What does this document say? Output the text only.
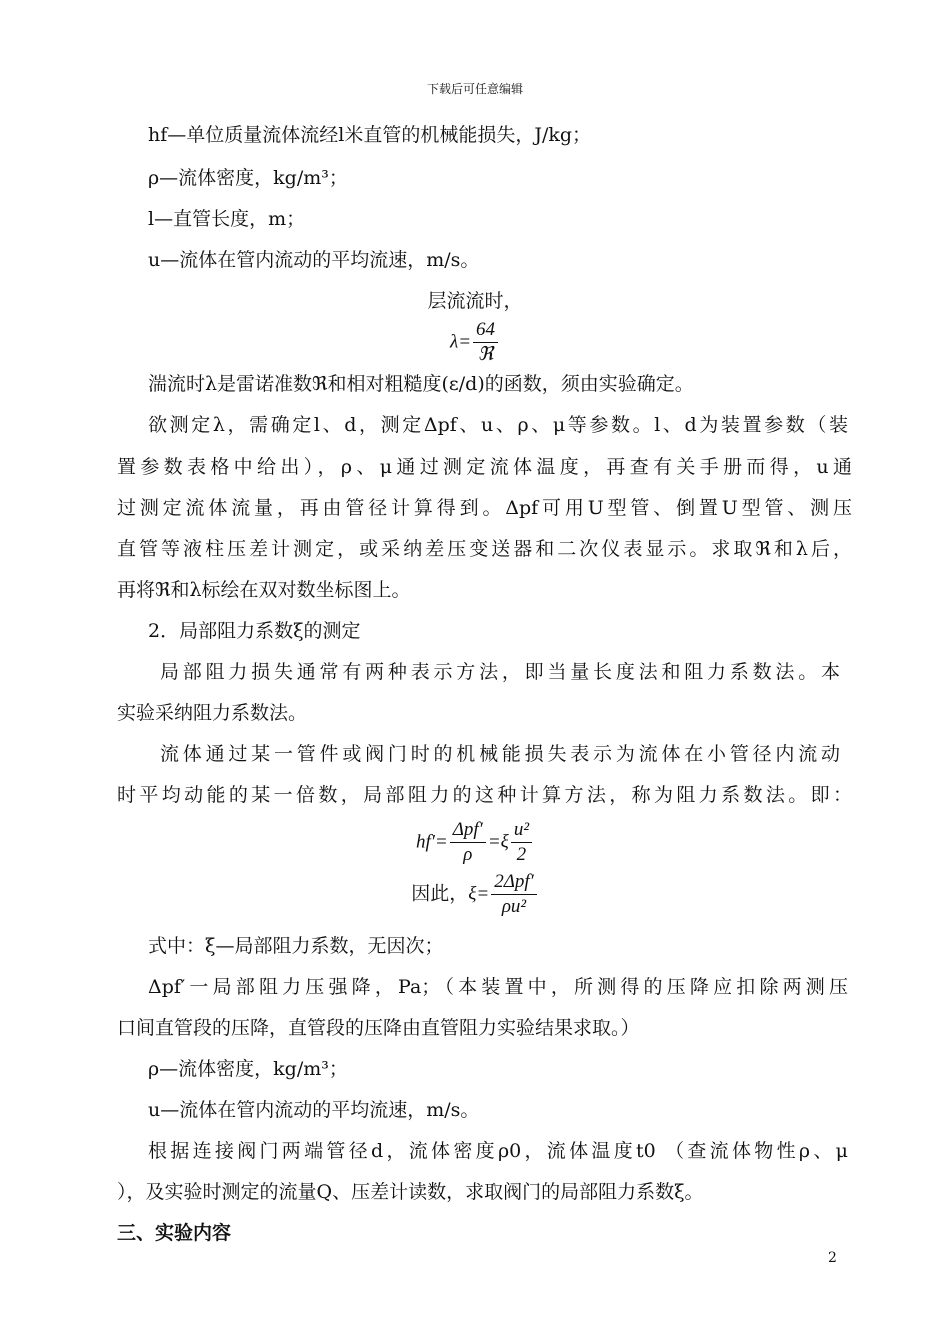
下载后可任意编辑
hf—单位质量流体流经l米直管的机械能损失，J/kg；
ρ—流体密度，kg/m³；
l—直管长度，m；
u—流体在管内流动的平均流速，m/s。
层流流时，
$\lambda= \frac{64}{\text{ℜ}}$
湍流时λ是雷诺准数ℜ和相对粗糙度(ε/d)的函数，须由实验确定。
欲测定λ，需确定l、d，测定Δpf、u、ρ、μ等参数。l、d为装置参数（装
置参数表格中给出），ρ、μ通过测定流体温度，再查有关手册而得，u通
过测定流体流量，再由管径计算得到。Δpf可用U型管、倒置U型管、测压
直管等液柱压差计测定，或采纳差压变送器和二次仪表显示。求取ℜ和λ后，
再将ℜ和λ标绘在双对数坐标图上。
2．局部阻力系数ξ的测定
局部阻力损失通常有两种表示方法，即当量长度法和阻力系数法。本
实验采纳阻力系数法。
流体通过某一管件或阀门时的机械能损失表示为流体在小管径内流动
时平均动能的某一倍数，局部阻力的这种计算方法，称为阻力系数法。即：
$hf'= \frac{\text{Δpf′}}{\rho} =\xi \frac{\text{u²}}{2}$
因此，$\xi= \frac{\text{2Δpf′}}{\text{ρu²}}$
式中：ξ—局部阻力系数，无因次；
Δpf′一局部阻力压强降，Pa；（本装置中，所测得的压降应扣除两测压
口间直管段的压降，直管段的压降由直管阻力实验结果求取。）
ρ—流体密度，kg/m³；
u—流体在管内流动的平均流速，m/s。
根据连接阀门两端管径d，流体密度ρ0，流体温度t0 （查流体物性ρ、μ
），及实验时测定的流量Q、压差计读数，求取阀门的局部阻力系数ξ。
三、实验内容
2
